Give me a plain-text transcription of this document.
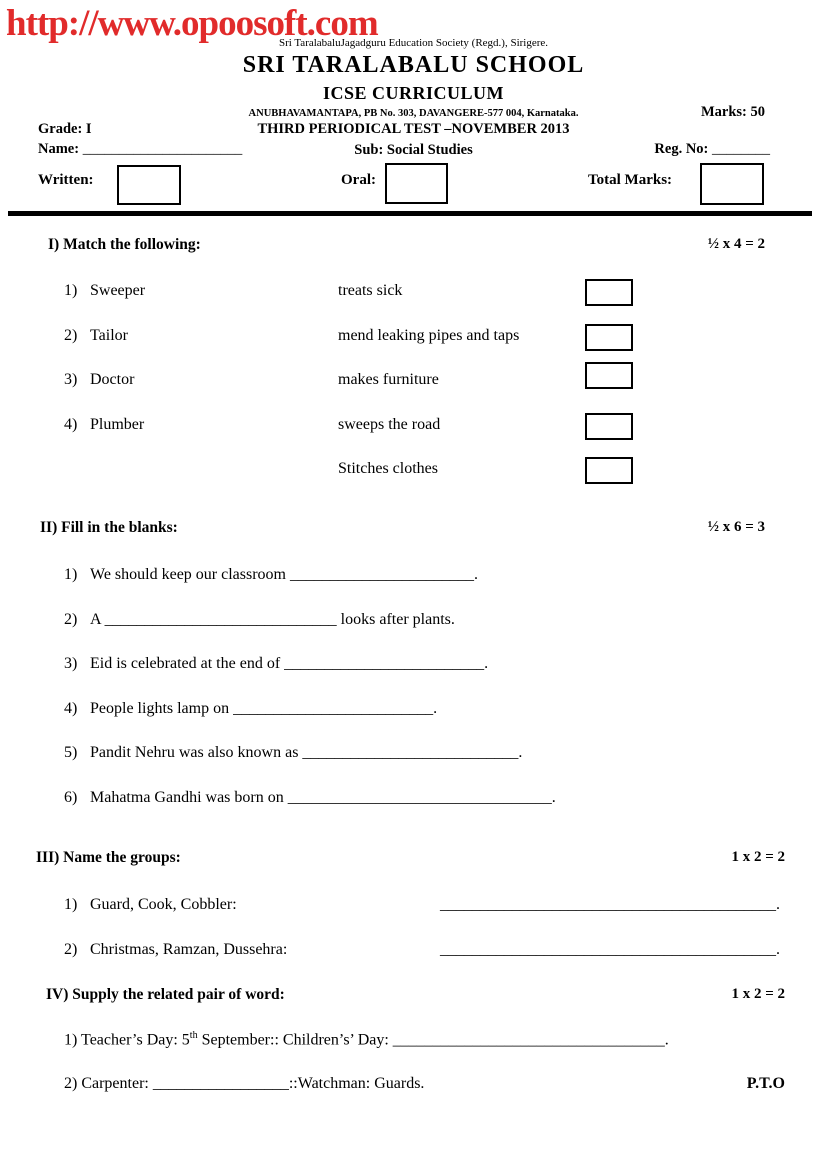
http://www.opoosoft.com
Sri TaralabaluJagadguru Education Society (Regd.), Sirigere.
SRI TARALABALU SCHOOL
ICSE CURRICULUM
ANUBHAVAMANTAPA, PB No. 303, DAVANGERE-577 004, Karnataka.	Marks: 50
Grade: I	THIRD PERIODICAL TEST –NOVEMBER 2013
Name: ______________________	Sub: Social Studies	Reg. No: ________
Written:	Oral:	Total Marks:
I) Match the following:	½ x 4 = 2
1) Sweeper	treats sick
2) Tailor	mend leaking pipes and taps
3) Doctor	makes furniture
4) Plumber	sweeps the road
Stitches clothes
II) Fill in the blanks:	½ x 6 = 3
1) We should keep our classroom _______________________.
2) A _____________________________ looks after plants.
3) Eid is celebrated at the end of _________________________.
4) People lights lamp on _________________________.
5) Pandit Nehru was also known as ___________________________.
6) Mahatma Gandhi was born on _________________________________.
III) Name the groups:	1 x 2 = 2
1) Guard, Cook, Cobbler:	__________________________________________.
2) Christmas, Ramzan, Dussehra:	__________________________________________.
IV) Supply the related pair of word:	1 x 2 = 2
1) Teacher’s Day: 5th September:: Children’s’ Day: __________________________________.
2) Carpenter: _________________::Watchman: Guards.	P.T.O
